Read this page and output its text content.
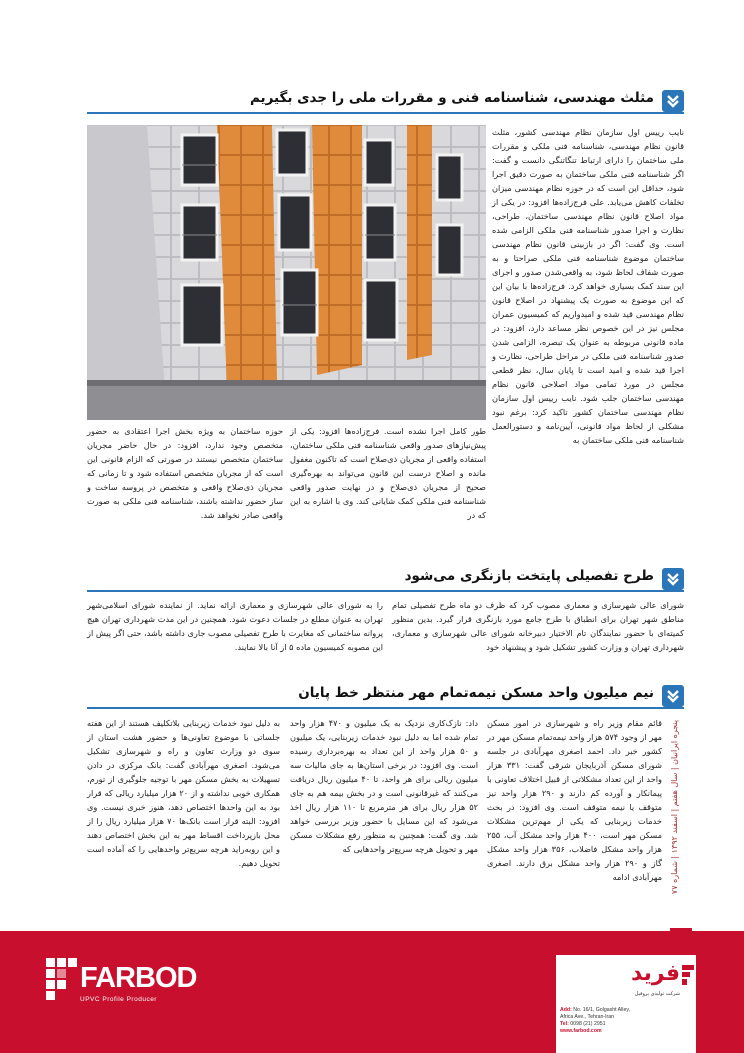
مثلث مهندسی، شناسنامه فنی و مقررات ملی را جدی بگیریم

نایب رییس اول سازمان نظام مهندسی کشور، مثلث قانون نظام مهندسی، شناسنامه فنی ملکی و مقررات ملی ساختمان را دارای ارتباط تنگاتنگی دانست و گفت: اگر شناسنامه فنی ملکی ساختمان به صورت دقیق اجرا شود، حداقل این است که در حوزه نظام مهندسی میزان تخلفات کاهش می‌یابد. علی فرج‌زاده‌ها افزود: در یکی از مواد اصلاح قانون نظام مهندسی ساختمان، طراحی، نظارت و اجرا صدور شناسنامه فنی ملکی الزامی شده است. وی گفت: اگر در بازبینی قانون نظام مهندسی ساختمان موضوع شناسنامه فنی ملکی صراحتا و به صورت شفاف لحاظ شود، به واقعی‌شدن صدور و اجرای این سند کمک بسیاری خواهد کرد. فرج‌زاده‌ها با بیان این که این موضوع به صورت یک پیشنهاد در اصلاح قانون نظام مهندسی قید شده و امیدواریم که کمیسیون عمران مجلس نیز در این خصوص نظر مساعد دارد، افزود: در ماده قانونی مربوطه به عنوان یک تبصره، الزامی شدن صدور شناسنامه فنی ملکی در مراحل طراحی، نظارت و اجرا قید شده و امید است تا پایان سال، نظر قطعی مجلس در مورد تمامی مواد اصلاحی قانون نظام مهندسی ساختمان جلب شود. نایب رییس اول سازمان نظام مهندسی ساختمان کشور تاکید کرد: برغم نبود مشکلی از لحاظ مواد قانونی، آیین‌نامه و دستورالعمل شناسنامه فنی ملکی ساختمان به

طور کامل اجرا نشده است. فرج‌زاده‌ها افزود: یکی از پیش‌نیازهای صدور واقعی شناسنامه فنی ملکی ساختمان، استفاده واقعی از مجریان ذی‌صلاح است که تاکنون مغفول مانده و اصلاح درست این قانون می‌تواند به بهره‌گیری صحیح از مجریان ذی‌صلاح و در نهایت صدور واقعی شناسنامه فنی ملکی کمک شایانی کند. وی با اشاره به این که در

حوزه ساختمان به ویژه بخش اجرا اعتقادی به حضور متخصص وجود ندارد، افزود: در حال حاضر مجریان ساختمان متخصص نیستند در صورتی که الزام قانونی این است که از مجریان متخصص استفاده شود و تا زمانی که مجریان ذی‌صلاح واقعی و متخصص در پروسه ساخت و ساز حضور نداشته باشند، شناسنامه فنی ملکی به صورت واقعی صادر نخواهد شد.

طرح تفصیلی پایتخت بازنگری می‌شود

شورای عالی شهرسازی و معماری مصوب کرد که ظرف دو ماه طرح تفصیلی تمام مناطق شهر تهران برای انطباق با طرح جامع مورد بازنگری قرار گیرد. بدین منظور کمیته‌ای با حضور نمایندگان تام الاختیار دبیرخانه شورای عالی شهرسازی و معماری، شهرداری تهران و وزارت کشور تشکیل شود و پیشنهاد خود

را به شورای عالی شهرسازی و معماری ارائه نماید. از نماینده شورای اسلامی‌شهر تهران به عنوان مطلع در جلسات دعوت شود. همچنین در این مدت شهرداری تهران هیچ پروانه ساختمانی که مغایرت با طرح تفصیلی مصوب جاری داشته باشد، حتی اگر پیش از این مصوبه کمیسیون ماده ۵ از آنا بالا نمایند.

نیم میلیون واحد مسکن نیمه‌تمام مهر منتظر خط پایان

قائم مقام وزیر راه و شهرسازی در امور مسکن مهر از وجود ۵۷۴ هزار واحد نیمه‌تمام مسکن مهر در کشور خبر داد. احمد اصغری مهرآبادی در جلسه شورای مسکن آذربایجان شرقی گفت: ۳۳۱ هزار واحد از این تعداد مشکلاتی از قبیل اختلاف تعاونی با پیمانکار و آورده کم دارند و ۲۹۰ هزار واحد نیز متوقف یا نیمه متوقف است. وی افزود: در بحث خدمات زیربنایی که یکی از مهم‌ترین مشکلات مسکن مهر است، ۴۰۰ هزار واحد مشکل آب، ۲۵۵ هزار واحد مشکل فاضلاب، ۳۵۶ هزار واحد مشکل گاز و ۲۹۰ هزار واحد مشکل برق دارند. اصغری مهرآبادی ادامه

داد: نازک‌کاری نزدیک به یک میلیون و ۴۷۰ هزار واحد تمام شده اما به دلیل نبود خدمات زیربنایی، یک میلیون و ۵۰ هزار واحد از این تعداد به بهره‌برداری رسیده است. وی افزود: در برخی استان‌ها به جای مالیات سه میلیون ریالی برای هر واحد، تا ۴۰ میلیون ریال دریافت می‌کنند که غیرقانونی است و در بخش بیمه هم به جای ۵۲ هزار ریال برای هر مترمربع تا ۱۱۰ هزار ریال اخذ می‌شود که این مسایل با حضور وزیر بررسی خواهد شد. وی گفت: همچنین به منظور رفع مشکلات مسکن مهر و تحویل هرچه سریع‌تر واحدهایی که

به دلیل نبود خدمات زیربنایی بلاتکلیف هستند از این هفته جلساتی با موضوع تعاونی‌ها و حضور هشت استان از سوی دو وزارت تعاون و راه و شهرسازی تشکیل می‌شود. اصغری مهرآبادی گفت: بانک مرکزی در دادن تسهیلات به بخش مسکن مهر با توجیه جلوگیری از تورم، همکاری خوبی نداشته و از ۲۰ هزار میلیارد ریالی که قرار بود به این واحدها اختصاص دهد، هنوز خبری نیست. وی افزود: البته قرار است بانک‌ها ۷۰ هزار میلیارد ریال را از محل بازپرداخت اقساط مهر به این بخش اختصاص دهند و این روبه‌راید هرچه سریع‌تر واحدهایی را که آماده است تحویل دهیم.

پنجره ایرانیان | سال هفتم | اسفند ۱۳۹۲ | شماره ۷۷
FARBOD
UPVC Profile Producer
فرید
شرکت تولیدی پروفیل
Add: No. 16/1, Golgasht Alley,
Africa Ave., Tehran-Iran
Tel: 0098 (21) 2951
www.farbod.com
